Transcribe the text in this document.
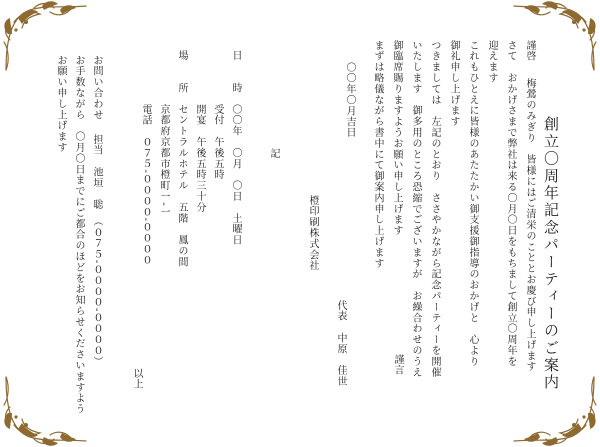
創立〇周年記念パーティーのご案内
謹啓
梅鶯のみぎり　皆様にはご清栄のこととお慶び申し上げます
さて　おかげさまで弊社は来る〇月〇日をもちまして創立〇周年を
迎えます
これもひとえに皆様のあたたかい御支援御指導のおかげと　心より
御礼申し上げます
つきましては　左記のとおり　ささやかながら記念パーティーを開催
いたします　御多用のところ恐縮でございますが　お繰合わせのうえ
御臨席賜りますようお願い申し上げます
まずは略儀ながら書中にて御案内申し上げます
謹言
〇〇年〇月吉日
橙印刷株式会社
代表　中原　佳世
記
日　　時
〇〇年　〇月　〇日　土曜日
受付　午後五時
開宴　午後五時三十分
場　　所
セントラルホテル　五階　鳳の間
京都府京都市橙町一‐一
電話　０７５‐００００‐００００
お問い合わせ
担当　池垣　聡　（０７５‐００００‐００００）
お手数ながら　〇月〇日までにご都合のほどをお知らせくださいますよう
お願い申し上げます
以上
